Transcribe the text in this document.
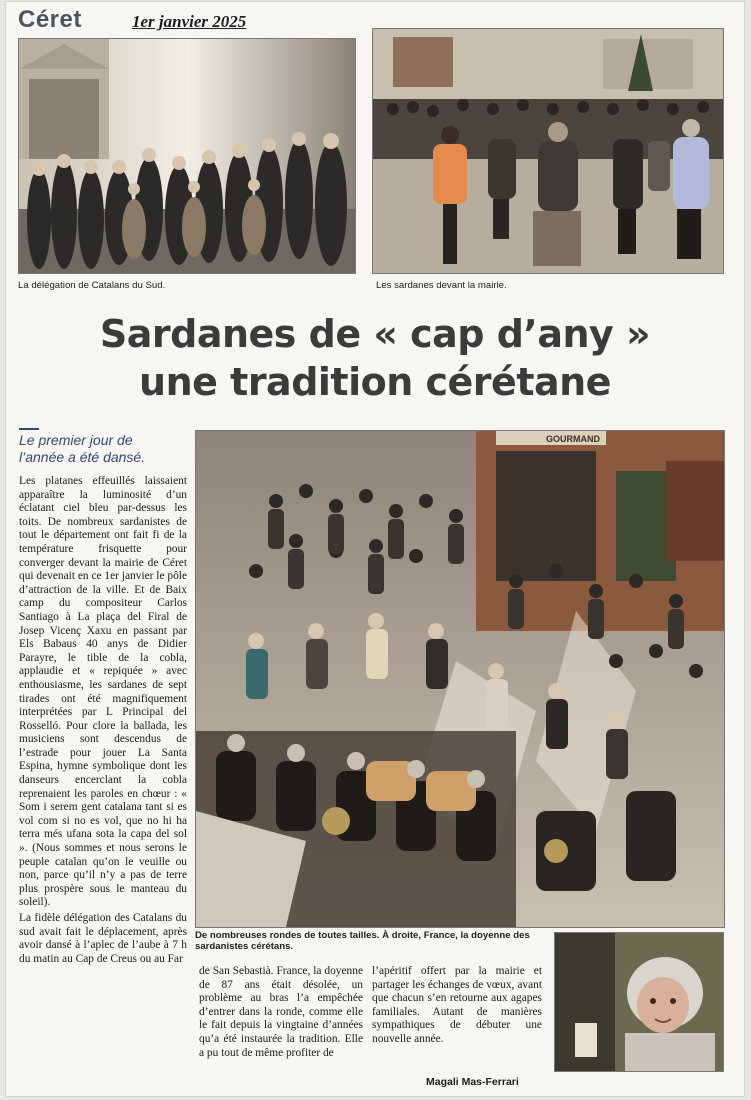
Céret	1er janvier 2025
La délégation de Catalans du Sud.	Les sardanes devant la mairie.
Sardanes de « cap d’any »
une tradition cérétane
Le premier jour de l’année a été dansé.
GOURMAND
De nombreuses rondes de toutes tailles. À droite, France, la doyenne des sardanistes cérétans.

Les platanes effeuillés laissaient apparaître la luminosité d’un éclatant ciel bleu par-dessus les toits. De nombreux sardanistes de tout le département ont fait fi de la température frisquette pour converger devant la mairie de Céret qui devenait en ce 1er janvier le pôle d’attraction de la ville. Et de Baix camp du compositeur Carlos Santiago à La plaça del Firal de Josep Vicenç Xaxu en passant par Els Babaus 40 anys de Didier Parayre, le tible de la cobla, applaudie et « repiquée » avec enthousiasme, les sardanes de sept tirades ont été magnifiquement interprétées par L Principal del Rosselló. Pour clore la ballada, les musiciens sont descendus de l’estrade pour jouer La Santa Espina, hymne symbolique dont les danseurs encerclant la cobla reprenaient les paroles en chœur : « Som i serem gent catalana tant si es vol com si no es vol, que no hi ha terra més ufana sota la capa del sol ». (Nous sommes et nous serons le peuple catalan qu’on le veuille ou non, parce qu’il n’y a pas de terre plus prospère sous le manteau du soleil).

La fidèle délégation des Catalans du sud avait fait le déplacement, après avoir dansé à l’aplec de l’aube à 7 h du matin au Cap de Creus ou au Far

de San Sebastià. France, la doyenne de 87 ans était désolée, un problème au bras l’a empêchée d’entrer dans la ronde, comme elle le fait depuis la vingtaine d’années qu’a été instaurée la tradition. Elle a pu tout de même profiter de
l’apéritif offert par la mairie et partager les échanges de vœux, avant que chacun s’en retourne aux agapes familiales. Autant de manières sympathiques de débuter une nouvelle année.
Magali Mas-Ferrari
